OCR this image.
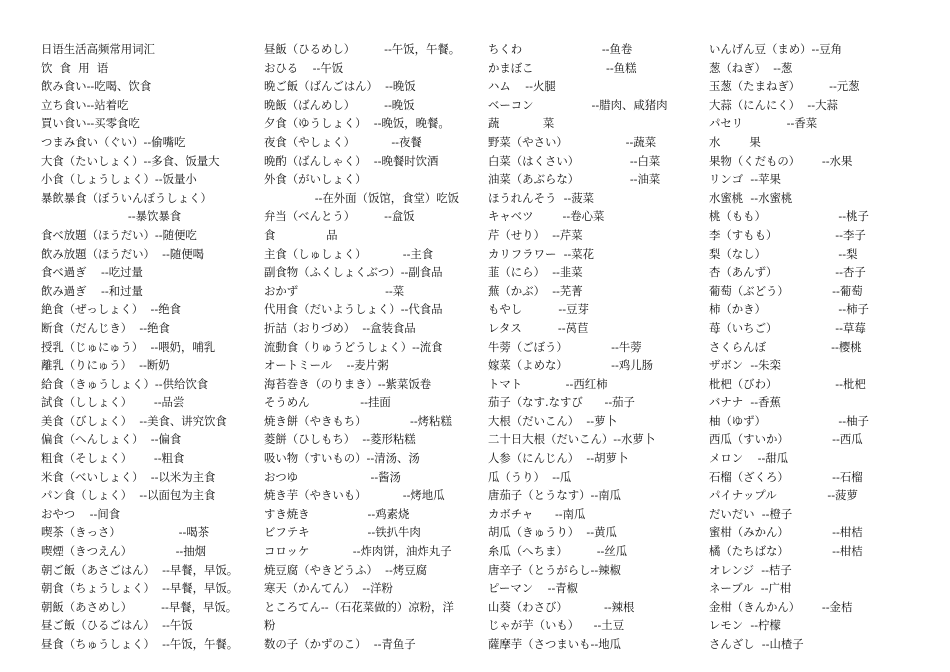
日语生活高频常用词汇
饮  食  用  语
飲み食い--吃喝、饮食
立ち食い--站着吃
買い食い--买零食吃
つまみ食い（ぐい）--偷嘴吃
大食（たいしょく）--多食、饭量大
小食（しょうしょく）--饭量小
暴飲暴食（ぼういんぼうしょく）
--暴饮暴食
食べ放題（ほうだい）--随便吃
飲み放題（ほうだい）  --随便喝
食べ過ぎ    --吃过量
飲み過ぎ    --和过量
絶食（ぜっしょく）  --绝食
断食（だんじき）  --绝食
授乳（じゅにゅう）  --喂奶，哺乳
離乳（りにゅう）  --断奶
給食（きゅうしょく）--供给饮食
試食（ししょく）      --品尝
美食（びしょく）  --美食、讲究饮食
偏食（へんしょく）  --偏食
粗食（そしょく）      --粗食
米食（べいしょく）  --以米为主食
パン食（しょく）  --以面包为主食
おやつ    --间食
喫茶（きっさ）                --喝茶
喫煙（きつえん）            --抽烟
朝ご飯（あさごはん）  --早餐，早饭。
朝食（ちょうしょく）  --早餐，早饭。
朝飯（あさめし）        --早餐，早饭。
昼ご飯（ひるごはん）  --午饭
昼食（ちゅうしょく）  --午饭，午餐。
昼飯（ひるめし）        --午饭，午餐。
おひる    --午饭
晩ご飯（ばんごはん）  --晚饭
晩飯（ばんめし）        --晚饭
夕食（ゆうしょく）  --晚饭，晚餐。
夜食（やしょく）          --夜餐
晩酌（ばんしゃく）  --晚餐时饮酒
外食（がいしょく）
--在外面（饭馆，食堂）吃饭
弁当（べんとう）        --盒饭
食              品
主食（しゅしょく）          --主食
副食物（ふくしょくぶつ）--副食品
おかず                        --菜
代用食（だいようしょく）--代食品
折詰（おりづめ）  --盒装食品
流動食（りゅうどうしょく）--流食
オートミール    --麦片粥
海苔巻き（のりまき）--紫菜饭卷
そうめん              --挂面
焼き餅（やきもち）            --烤粘糕
菱餅（ひしもち）  --菱形粘糕
吸い物（すいもの）--清汤、汤
おつゆ                    --酱汤
焼き芋（やきいも）          --烤地瓜
すき焼き                --鸡素烧
ビフテキ                --铁扒牛肉
コロッケ            --炸肉饼，油炸丸子
焼豆腐（やきどうふ）  --烤豆腐
寒天（かんてん）  --洋粉
ところてん--（石花菜做的）凉粉，洋
粉
数の子（かずのこ）  --青鱼子
ちくわ                      --鱼卷
かまぼこ                    --鱼糕
ハム    --火腿
ベーコン                --腊肉、咸猪肉
蔬            菜
野菜（やさい）                --蔬菜
白菜（はくさい）              --白菜
油菜（あぶらな）              --油菜
ほうれんそう  --菠菜
キャベツ        --卷心菜
芹（せり）  --芹菜
カリフラワー  --菜花
韮（にら）  --韭菜
蕪（かぶ）  --芜菁
もやし          --豆芽
レタス          --莴苣
牛蒡（ごぼう）            --牛蒡
嫁菜（よめな）            --鸡儿肠
トマト            --西红柿
茄子（なす.なすび      --茄子
大根（だいこん）  --萝卜
二十日大根（だいこん）--水萝卜
人参（にんじん）  --胡萝卜
瓜（うり）  --瓜
唐茄子（とうなす）--南瓜
カボチャ      --南瓜
胡瓜（きゅうり）  --黄瓜
糸瓜（へちま）        --丝瓜
唐辛子（とうがらし--辣椒
ピーマン    --青椒
山葵（わさび）          --辣根
じゃが芋（いも）    --土豆
薩摩芋（さつまいも--地瓜
いんげん豆（まめ）--豆角
葱（ねぎ）  --葱
玉葱（たまねぎ）        --元葱
大蒜（にんにく）  --大蒜
パセリ            --香菜
水        果
果物（くだもの）      --水果
リンゴ  --苹果
水蜜桃  --水蜜桃
桃（もも）                    --桃子
李（すもも）                --李子
梨（なし）                    --梨
杏（あんず）                --杏子
葡萄（ぶどう）            --葡萄
柿（かき）                    --柿子
苺（いちご）                --草莓
さくらんぼ                  --樱桃
ザボン  --朱栾
枇杷（びわ）                --枇杷
バナナ  --香蕉
柚（ゆず）                    --柚子
西瓜（すいか）            --西瓜
メロン    --甜瓜
石榴（ざくろ）            --石榴
パイナップル              --菠萝
だいだい  --橙子
蜜柑（みかん）            --柑桔
橘（たちばな）            --柑桔
オレンジ  --桔子
ネーブル  --广柑
金柑（きんかん）      --金桔
レモン  --柠檬
さんざし  --山楂子
